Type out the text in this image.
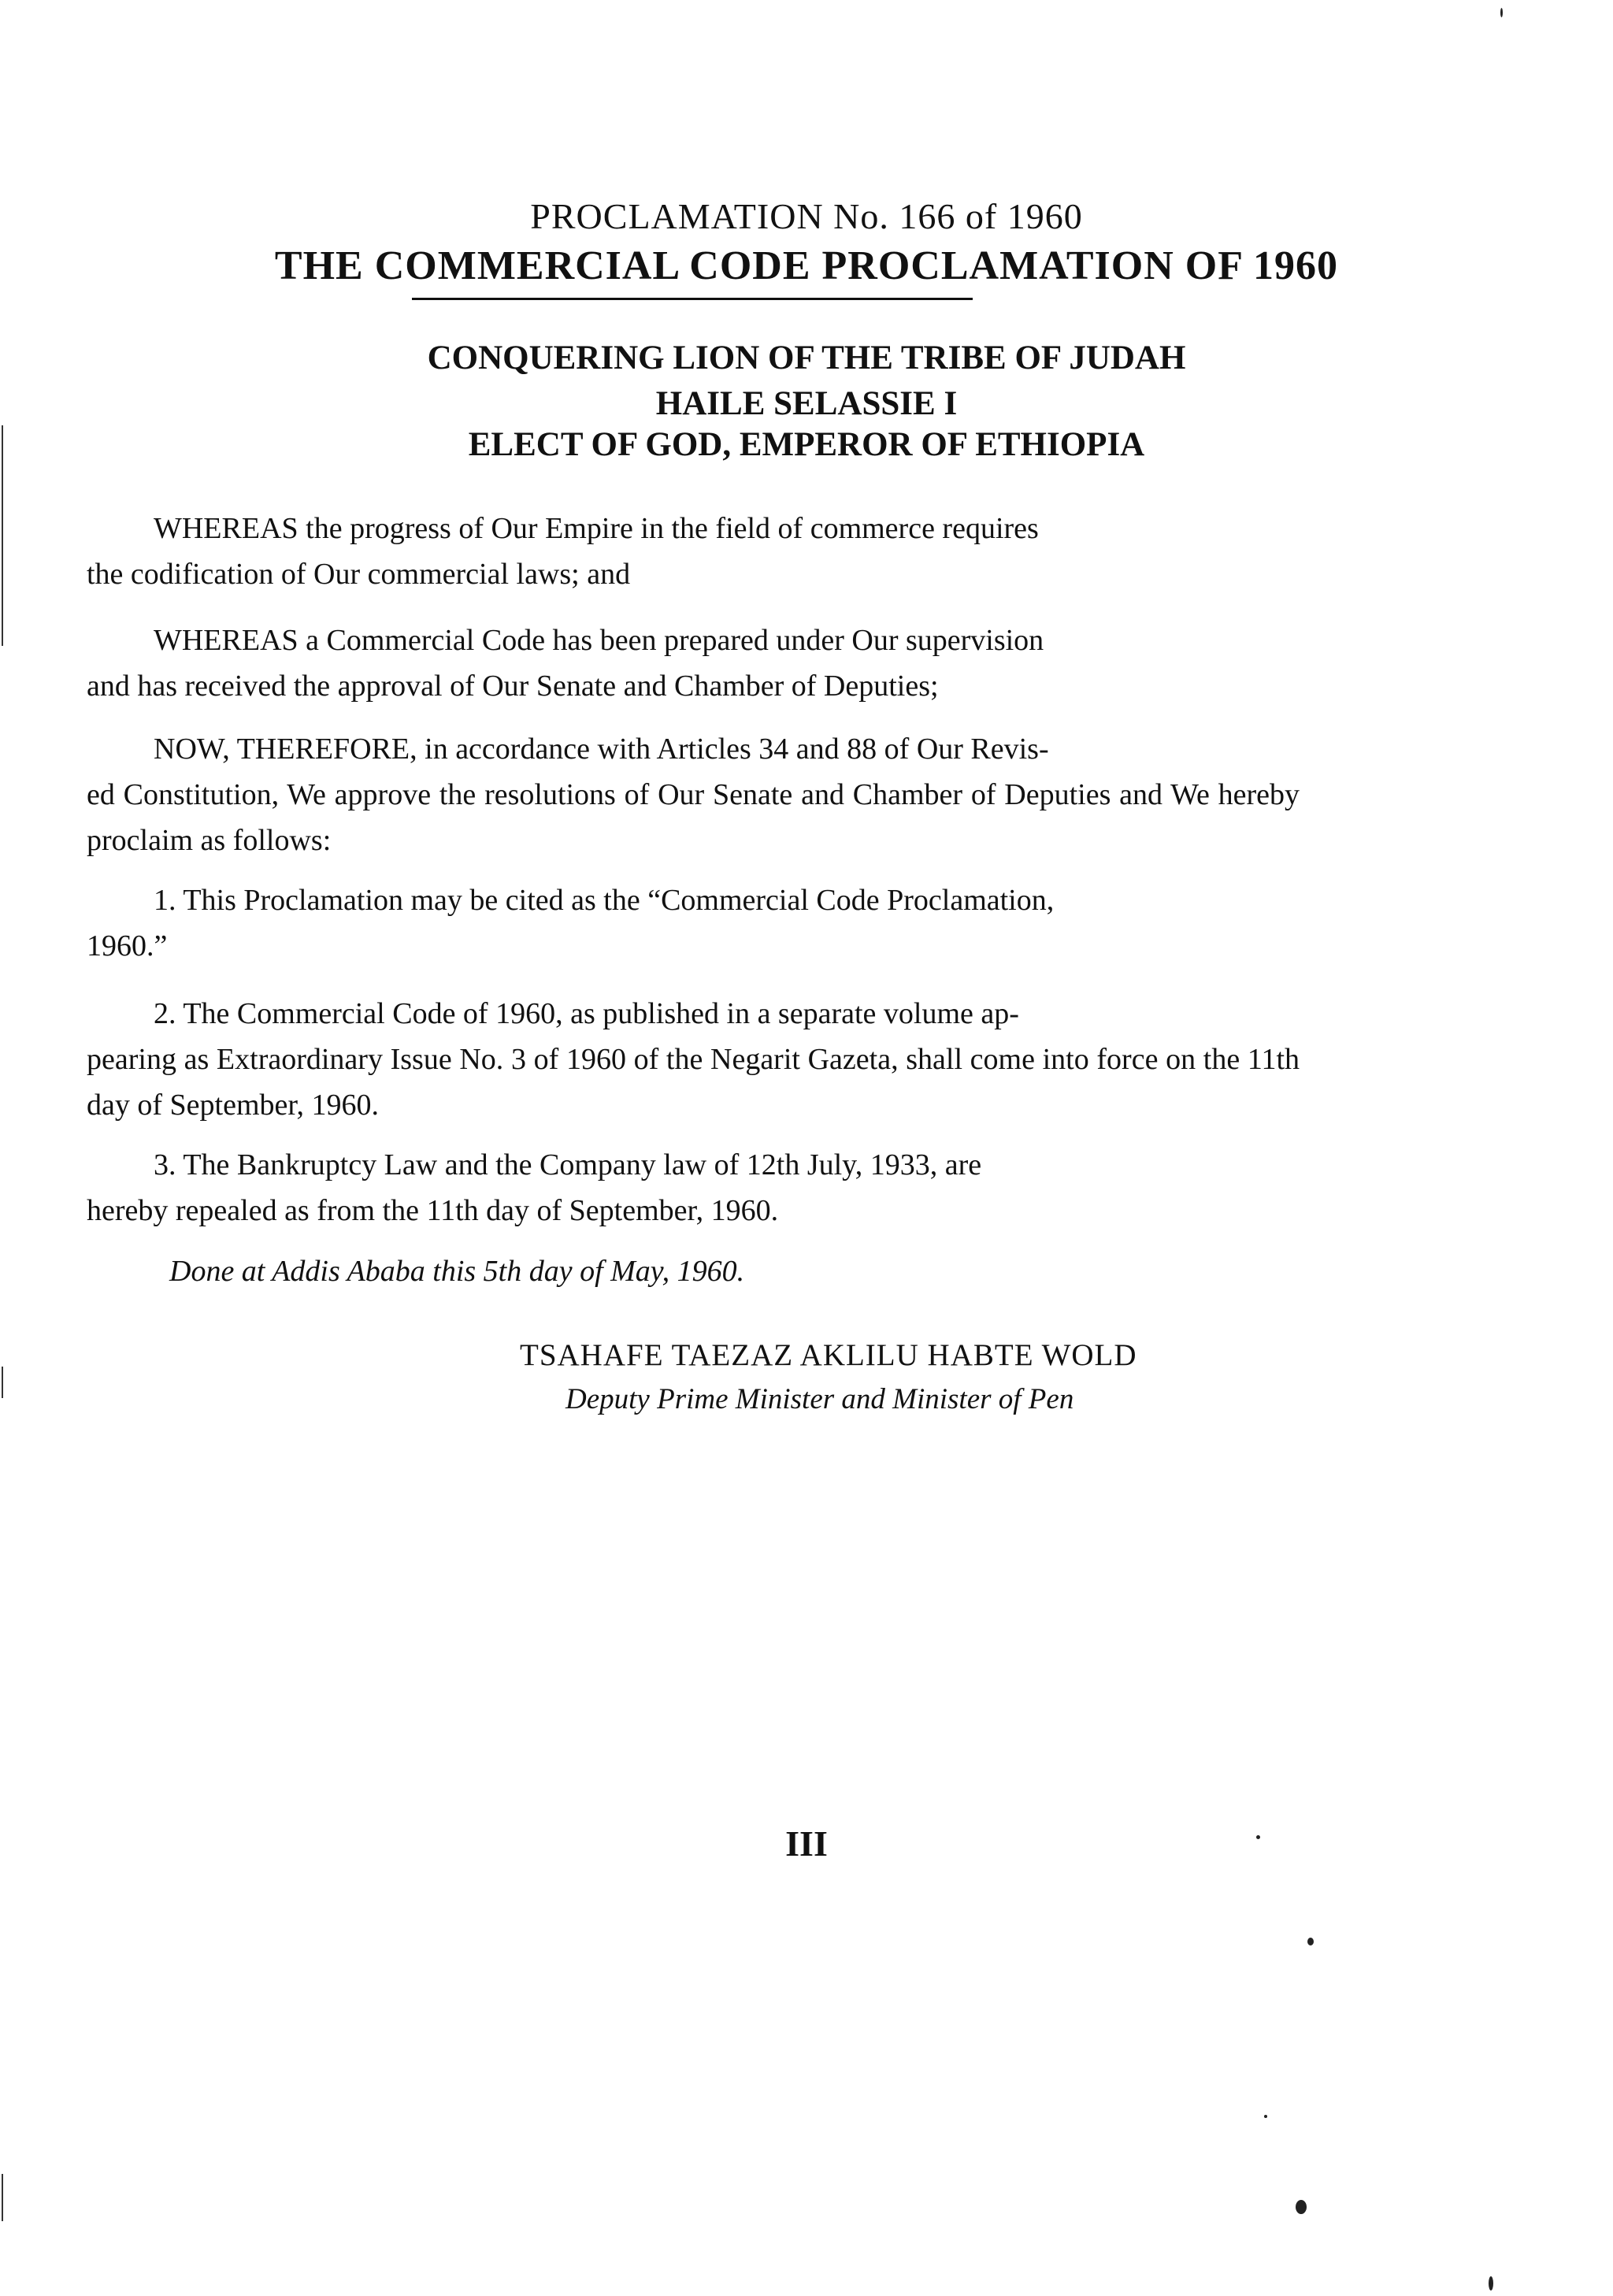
PROCLAMATION No. 166 of 1960
THE COMMERCIAL CODE PROCLAMATION OF 1960
CONQUERING LION OF THE TRIBE OF JUDAH
HAILE SELASSIE I
ELECT OF GOD, EMPEROR OF ETHIOPIA
WHEREAS the progress of Our Empire in the field of commerce requires
the codification of Our commercial laws; and
WHEREAS a Commercial Code has been prepared under Our supervision
and has received the approval of Our Senate and Chamber of Deputies;
NOW, THEREFORE, in accordance with Articles 34 and 88 of Our Revis-
ed Constitution, We approve the resolutions of Our Senate and Chamber of Deputies and We hereby proclaim as follows:
1. This Proclamation may be cited as the “Commercial Code Proclamation,
1960.”
2. The Commercial Code of 1960, as published in a separate volume ap-
pearing as Extraordinary Issue No. 3 of 1960 of the Negarit Gazeta, shall come into force on the 11th day of September, 1960.
3. The Bankruptcy Law and the Company law of 12th July, 1933, are
hereby repealed as from the 11th day of September, 1960.
Done at Addis Ababa this 5th day of May, 1960.
TSAHAFE TAEZAZ AKLILU HABTE WOLD
Deputy Prime Minister and Minister of Pen
III
